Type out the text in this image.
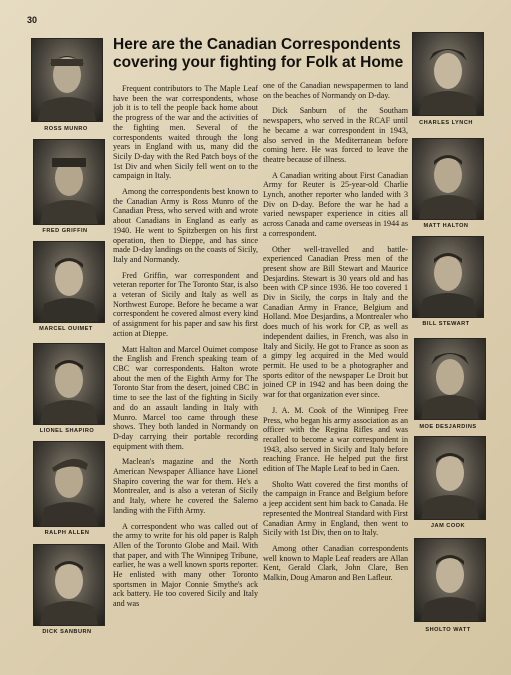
30
Here are the Canadian Correspondents covering your fighting for Folk at Home
ROSS MUNRO
FRED GRIFFIN
MARCEL OUIMET
LIONEL SHAPIRO
RALPH ALLEN
DICK SANBURN
CHARLES LYNCH
MATT HALTON
BILL STEWART
MOE DESJARDINS
JAM COOK
SHOLTO WATT

Frequent contributors to The Maple Leaf have been the war correspondents, whose job it is to tell the people back home about the progress of the war and the activities of the fighting men. Several of the correspondents waited through the long years in England with us, many did the Sicily D-day with the Red Patch boys of the 1st Div and when Sicily fell went on to the campaign in Italy.

Among the correspondents best known to the Canadian Army is Ross Munro of the Canadian Press, who served with and wrote about Canadians in England as early as 1940. He went to Spitzbergen on his first operation, then to Dieppe, and has since made D-day landings on the coasts of Sicily, Italy and Normandy.

Fred Griffin, war correspondent and veteran reporter for The Toronto Star, is also a veteran of Sicily and Italy as well as Northwest Europe. Before he became a war correspondent he covered almost every kind of assignment for his paper and saw his first action at Dieppe.

Matt Halton and Marcel Ouimet compose the English and French speaking team of CBC war correspondents. Halton wrote about the men of the Eighth Army for The Toronto Star from the desert, joined CBC in time to see the last of the fighting in Sicily and do an assault landing in Italy with Munro. Marcel too came through these shows. They both landed in Normandy on D-day carrying their portable recording equipment with them.

Maclean's magazine and the North American Newspaper Alliance have Lionel Shapiro covering the war for them. He's a Montrealer, and is also a veteran of Sicily and Italy, where he covered the Salerno landing with the Fifth Army.

A correspondent who was called out of the army to write for his old paper is Ralph Allen of the Toronto Globe and Mail. With that paper, and with The Winnipeg Tribune, earlier, he was a well known sports reporter. He enlisted with many other Toronto sportsmen in Major Connie Smythe's ack ack battery. He too covered Sicily and Italy and was

one of the Canadian newspapermen to land on the beaches of Normandy on D-day.

Dick Sanburn of the Southam newspapers, who served in the RCAF until he became a war correspondent in 1943, also served in the Mediterranean before coming here. He was forced to leave the theatre because of illness.

A Canadian writing about First Canadian Army for Reuter is 25-year-old Charlie Lynch, another reporter who landed with 3 Div on D-day. Before the war he had a varied newspaper experience in cities all across Canada and came overseas in 1944 as a correspondent.

Other well-travelled and battle-experienced Canadian Press men of the present show are Bill Stewart and Maurice Desjardins. Stewart is 30 years old and has been with CP since 1936. He too covered 1 Div in Sicily, the corps in Italy and the Canadian Army in France, Belgium and Holland. Moe Desjardins, a Montrealer who does much of his work for CP, as well as independent dailies, in French, was also in Italy and Sicily. He got to France as soon as a gimpy leg acquired in the Med would permit. He used to be a photographer and sports editor of the newspaper Le Droit but joined CP in 1942 and has been doing the war for that organization ever since.

J. A. M. Cook of the Winnipeg Free Press, who began his army association as an officer with the Regina Rifles and was recalled to become a war correspondent in 1943, also served in Sicily and Italy before reaching France. He helped put the first edition of The Maple Leaf to bed in Caen.

Sholto Watt covered the first months of the campaign in France and Belgium before a jeep accident sent him back to Canada. He represented the Montreal Standard with First Canadian Army in England, then went to Sicily with 1st Div, then on to Italy.

Among other Canadian correspondents well known to Maple Leaf readers are Allan Kent, Gerald Clark, John Clare, Ben Malkin, Doug Amaron and Ben Lafleur.
